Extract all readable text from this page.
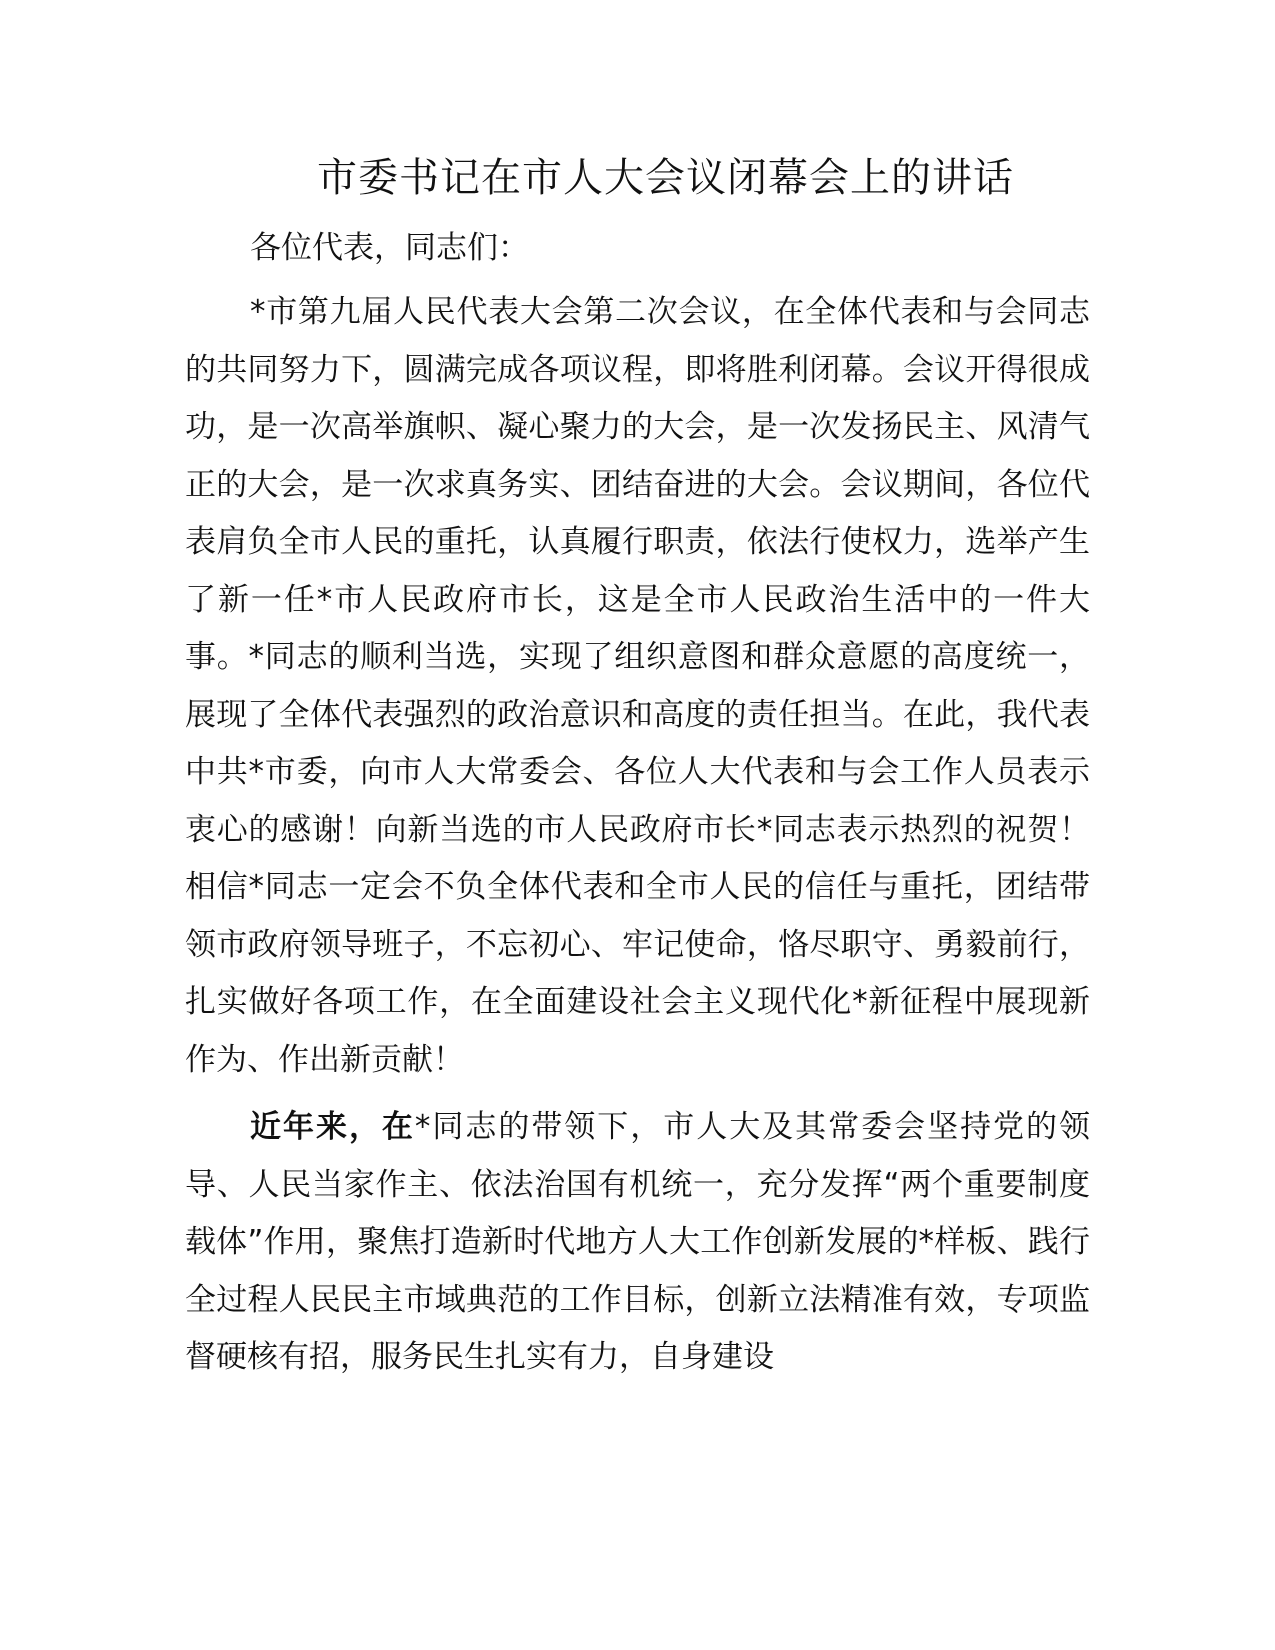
市委书记在市人大会议闭幕会上的讲话

各位代表，同志们：

*市第九届人民代表大会第二次会议，在全体代表和与会同志的共同努力下，圆满完成各项议程，即将胜利闭幕。会议开得很成功，是一次高举旗帜、凝心聚力的大会，是一次发扬民主、风清气正的大会，是一次求真务实、团结奋进的大会。会议期间，各位代表肩负全市人民的重托，认真履行职责，依法行使权力，选举产生了新一任*市人民政府市长，这是全市人民政治生活中的一件大事。*同志的顺利当选，实现了组织意图和群众意愿的高度统一，展现了全体代表强烈的政治意识和高度的责任担当。在此，我代表中共*市委，向市人大常委会、各位人大代表和与会工作人员表示衷心的感谢！向新当选的市人民政府市长*同志表示热烈的祝贺！相信*同志一定会不负全体代表和全市人民的信任与重托，团结带领市政府领导班子，不忘初心、牢记使命，恪尽职守、勇毅前行，扎实做好各项工作，在全面建设社会主义现代化*新征程中展现新作为、作出新贡献！

近年来，在*同志的带领下，市人大及其常委会坚持党的领导、人民当家作主、依法治国有机统一，充分发挥“两个重要制度载体”作用，聚焦打造新时代地方人大工作创新发展的*样板、践行全过程人民民主市域典范的工作目标，创新立法精准有效，专项监督硬核有招，服务民生扎实有力，自身建设
